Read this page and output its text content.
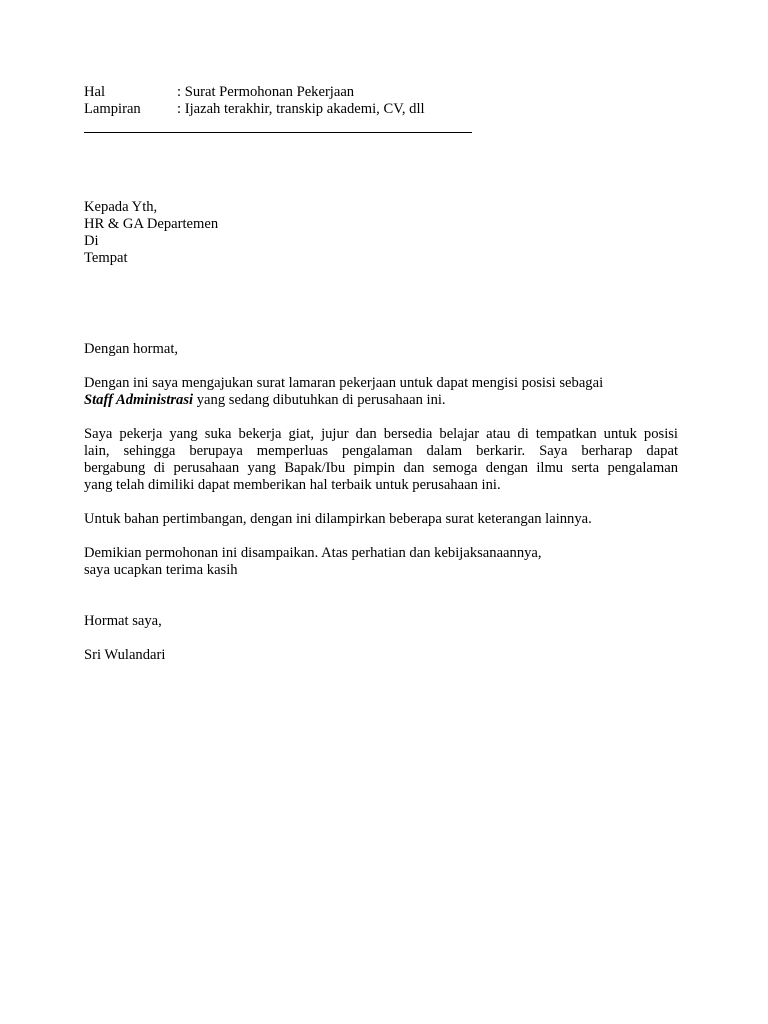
Hal	: Surat Permohonan Pekerjaan
Lampiran	: Ijazah terakhir, transkip akademi, CV, dll
Kepada Yth,
HR & GA Departemen
Di
Tempat
Dengan hormat,
Dengan ini saya mengajukan surat lamaran pekerjaan untuk dapat mengisi posisi sebagai
Staff Administrasi yang sedang dibutuhkan di perusahaan ini.
Saya pekerja yang suka bekerja giat, jujur dan bersedia belajar atau di tempatkan untuk posisi
lain, sehingga berupaya memperluas pengalaman dalam berkarir. Saya berharap dapat
bergabung di perusahaan yang Bapak/Ibu pimpin dan semoga dengan ilmu serta pengalaman
yang telah dimiliki dapat memberikan hal terbaik untuk perusahaan ini.
Untuk bahan pertimbangan, dengan ini dilampirkan beberapa surat keterangan lainnya.
Demikian permohonan ini disampaikan. Atas perhatian dan kebijaksanaannya,
saya ucapkan terima kasih
Hormat saya,
Sri Wulandari
